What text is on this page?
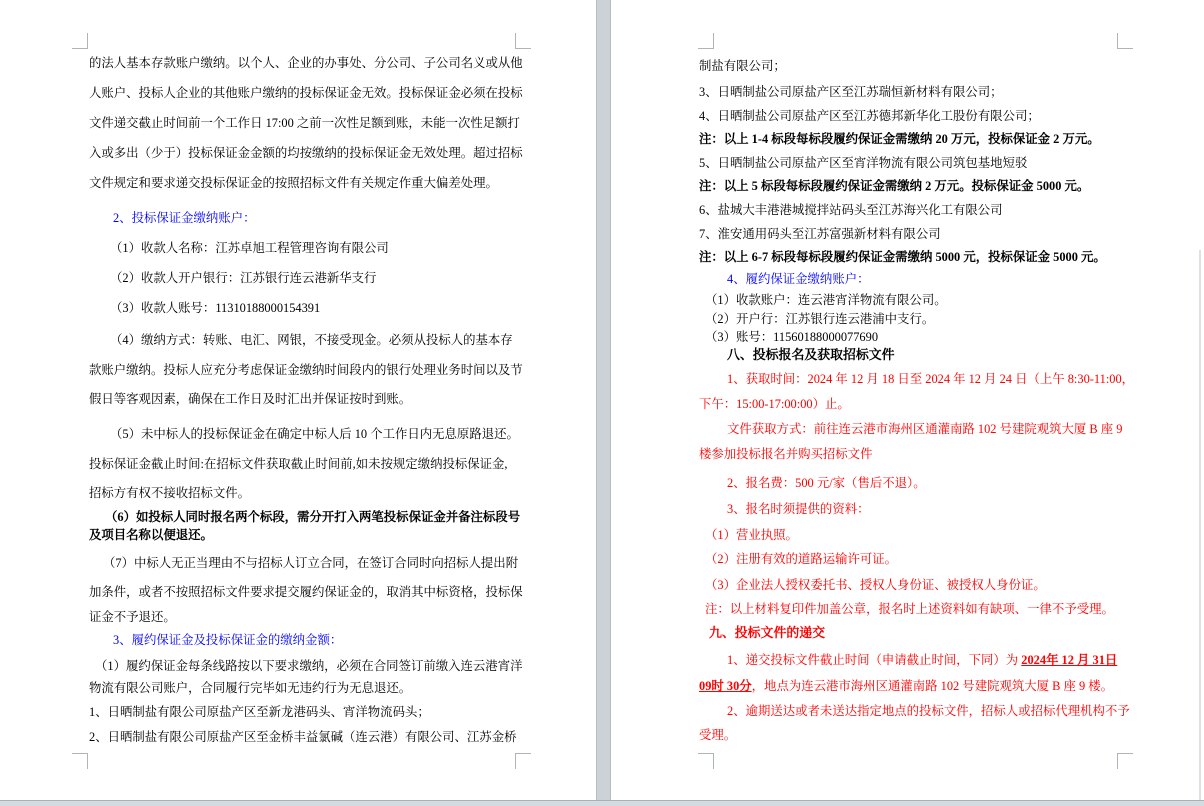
的法人基本存款账户缴纳。以个人、企业的办事处、分公司、子公司名义或从他
人账户、投标人企业的其他账户缴纳的投标保证金无效。投标保证金必须在投标
文件递交截止时间前一个工作日 17:00 之前一次性足额到账，未能一次性足额打
入或多出（少于）投标保证金金额的均按缴纳的投标保证金无效处理。超过招标
文件规定和要求递交投标保证金的按照招标文件有关规定作重大偏差处理。
2、投标保证金缴纳账户：
（1）收款人名称：江苏卓旭工程管理咨询有限公司
（2）收款人开户银行：江苏银行连云港新华支行
（3）收款人账号：11310188000154391
（4）缴纳方式：转账、电汇、网银，不接受现金。必须从投标人的基本存
款账户缴纳。投标人应充分考虑保证金缴纳时间段内的银行处理业务时间以及节
假日等客观因素，确保在工作日及时汇出并保证按时到账。
（5）未中标人的投标保证金在确定中标人后 10 个工作日内无息原路退还。
投标保证金截止时间:在招标文件获取截止时间前,如未按规定缴纳投标保证金,
招标方有权不接收招标文件。
（6）如投标人同时报名两个标段，需分开打入两笔投标保证金并备注标段号
及项目名称以便退还。
（7）中标人无正当理由不与招标人订立合同，在签订合同时向招标人提出附
加条件，或者不按照招标文件要求提交履约保证金的，取消其中标资格，投标保
证金不予退还。
3、履约保证金及投标保证金的缴纳金额：
（1）履约保证金每条线路按以下要求缴纳，必须在合同签订前缴入连云港宵洋
物流有限公司账户，合同履行完毕如无违约行为无息退还。
1、日晒制盐有限公司原盐产区至新龙港码头、宵洋物流码头；
2、日晒制盐有限公司原盐产区至金桥丰益氯碱（连云港）有限公司、江苏金桥
制盐有限公司；
3、日晒制盐公司原盐产区至江苏瑞恒新材料有限公司；
4、日晒制盐公司原盐产区至江苏德邦新华化工股份有限公司；
注：以上 1-4 标段每标段履约保证金需缴纳 20 万元，投标保证金 2 万元。
5、日晒制盐公司原盐产区至宵洋物流有限公司筑包基地短驳
注：以上 5 标段每标段履约保证金需缴纳 2 万元。投标保证金 5000 元。
6、盐城大丰港港城搅拌站码头至江苏海兴化工有限公司
7、淮安通用码头至江苏富强新材料有限公司
注：以上 6-7 标段每标段履约保证金需缴纳 5000 元，投标保证金 5000 元。
4、履约保证金缴纳账户：
（1）收款账户：连云港宵洋物流有限公司。
（2）开户行：江苏银行连云港浦中支行。
（3）账号：11560188000077690
八、投标报名及获取招标文件
1、获取时间：2024 年 12 月 18 日至 2024 年 12 月 24 日（上午 8:30-11:00，
下午：15:00-17:00:00）止。
文件获取方式：前往连云港市海州区通灌南路 102 号建院观筑大厦 B 座 9
楼参加投标报名并购买招标文件
2、报名费：500 元/家（售后不退）。
3、报名时须提供的资料：
（1）营业执照。
（2）注册有效的道路运输许可证。
（3）企业法人授权委托书、授权人身份证、被授权人身份证。
注：以上材料复印件加盖公章，报名时上述资料如有缺项、一律不予受理。
九、投标文件的递交
1、递交投标文件截止时间（申请截止时间，下同）为 2024年 12 月 31日
09时 30分，地点为连云港市海州区通灌南路 102 号建院观筑大厦 B 座 9 楼。
2、逾期送达或者未送达指定地点的投标文件，招标人或招标代理机构不予
受理。
